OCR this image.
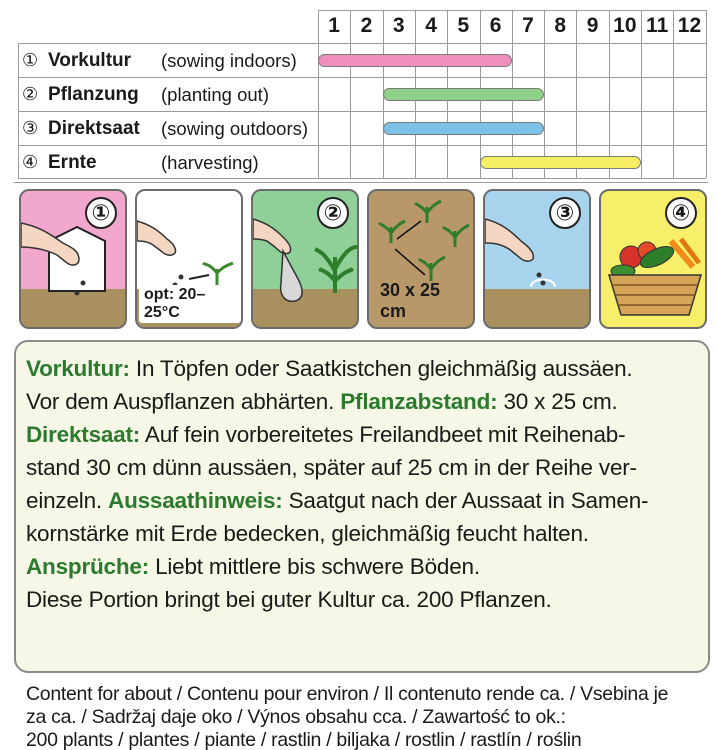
① Vorkultur (sowing indoors)
② Pflanzung (planting out)
③ Direktsaat (sowing outdoors)
④ Ernte	(harvesting)
1 2 3 4 5 6 7 8 9 10 11 12
①
opt: 20–25°C
②
30 x 25 cm
③	④

Vorkultur: In Töpfen oder Saatkistchen gleichmäßig aussäen.

Vor dem Auspflanzen abhärten. Pflanzabstand: 30 x 25 cm.

Direktsaat: Auf fein vorbereitetes Freilandbeet mit Reihenab-

stand 30 cm dünn aussäen, später auf 25 cm in der Reihe ver-

einzeln. Aussaathinweis: Saatgut nach der Aussaat in Samen-

kornstärke mit Erde bedecken, gleichmäßig feucht halten.

Ansprüche: Liebt mittlere bis schwere Böden.

Diese Portion bringt bei guter Kultur ca. 200 Pflanzen.

Content for about / Contenu pour environ / Il contenuto rende ca. / Vsebina je
za ca. / Sadržaj daje oko / Výnos obsahu cca. / Zawartość to ok.:
200 plants / plantes / piante / rastlin / biljaka / rostlin / rastlín / roślin
